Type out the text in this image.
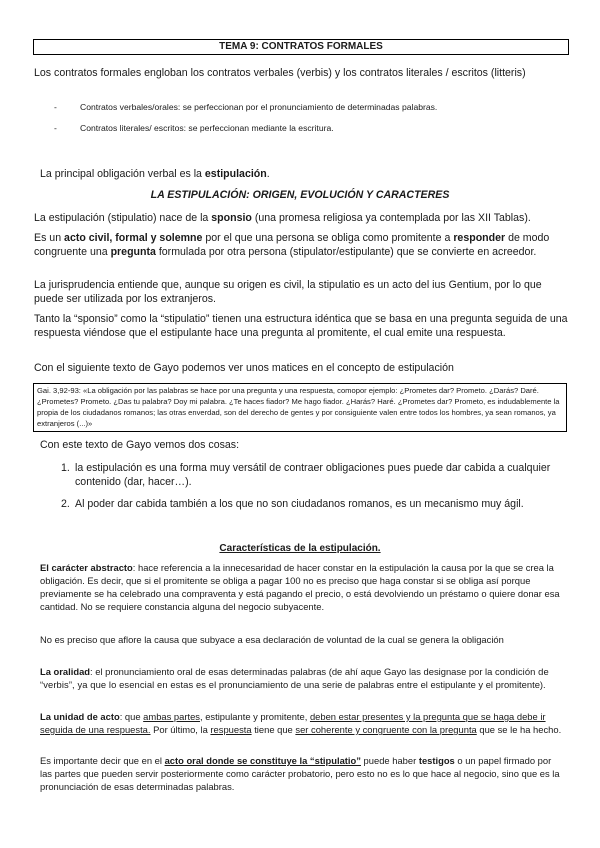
TEMA 9: CONTRATOS FORMALES
Los contratos formales engloban los contratos verbales (verbis) y los contratos literales / escritos (litteris)
- Contratos verbales/orales: se perfeccionan por el pronunciamiento de determinadas palabras.
- Contratos literales/ escritos: se perfeccionan mediante la escritura.
La principal obligación verbal es la estipulación.
LA ESTIPULACIÓN: ORIGEN, EVOLUCIÓN Y CARACTERES
La estipulación (stipulatio) nace de la sponsio (una promesa religiosa ya contemplada por las XII Tablas).
Es un acto civil, formal y solemne por el que una persona se obliga como promitente a responder de modo congruente una pregunta formulada por otra persona (stipulator/estipulante) que se convierte en acreedor.
La jurisprudencia entiende que, aunque su origen es civil, la stipulatio es un acto del ius Gentium, por lo que puede ser utilizada por los extranjeros.
Tanto la “sponsio” como la “stipulatio” tienen una estructura idéntica que se basa en una pregunta seguida de una respuesta viéndose que el estipulante hace una pregunta al promitente, el cual emite una respuesta.
Con el siguiente texto de Gayo podemos ver unos matices en el concepto de estipulación
Gai. 3,92-93: «La obligación por las palabras se hace por una pregunta y una respuesta, comopor ejemplo: ¿Prometes dar? Prometo. ¿Darás? Daré. ¿Prometes? Prometo. ¿Das tu palabra? Doy mi palabra. ¿Te haces fiador? Me hago fiador. ¿Harás? Haré. ¿Prometes dar? Prometo, es indudablemente la propia de los ciudadanos romanos; las otras enverdad, son del derecho de gentes y por consiguiente valen entre todos los hombres, ya sean romanos, ya extranjeros (...)»
Con este texto de Gayo vemos dos cosas:
1. la estipulación es una forma muy versátil de contraer obligaciones pues puede dar cabida a cualquier contenido (dar, hacer…).
2. Al poder dar cabida también a los que no son ciudadanos romanos, es un mecanismo muy ágil.
Características de la estipulación.
El carácter abstracto: hace referencia a la innecesaridad de hacer constar en la estipulación la causa por la que se crea la obligación. Es decir, que si el promitente se obliga a pagar 100 no es preciso que haga constar si se obliga así porque previamente se ha celebrado una compraventa y está pagando el precio, o está devolviendo un préstamo o quiere donar esa cantidad. No se requiere constancia alguna del negocio subyacente.
No es preciso que aflore la causa que subyace a esa declaración de voluntad de la cual se genera la obligación
La oralidad: el pronunciamiento oral de esas determinadas palabras (de ahí aque Gayo las designase por la condición de “verbis”, ya que lo esencial en estas es el pronunciamiento de una serie de palabras entre el estipulante y el promitente).
La unidad de acto: que ambas partes, estipulante y promitente, deben estar presentes y la pregunta que se haga debe ir seguida de una respuesta. Por último, la respuesta tiene que ser coherente y congruente con la pregunta que se le ha hecho.
Es importante decir que en el acto oral donde se constituye la “stipulatio” puede haber testigos o un papel firmado por las partes que pueden servir posteriormente como carácter probatorio, pero esto no es lo que hace al negocio, sino que es la pronunciación de esas determinadas palabras.
